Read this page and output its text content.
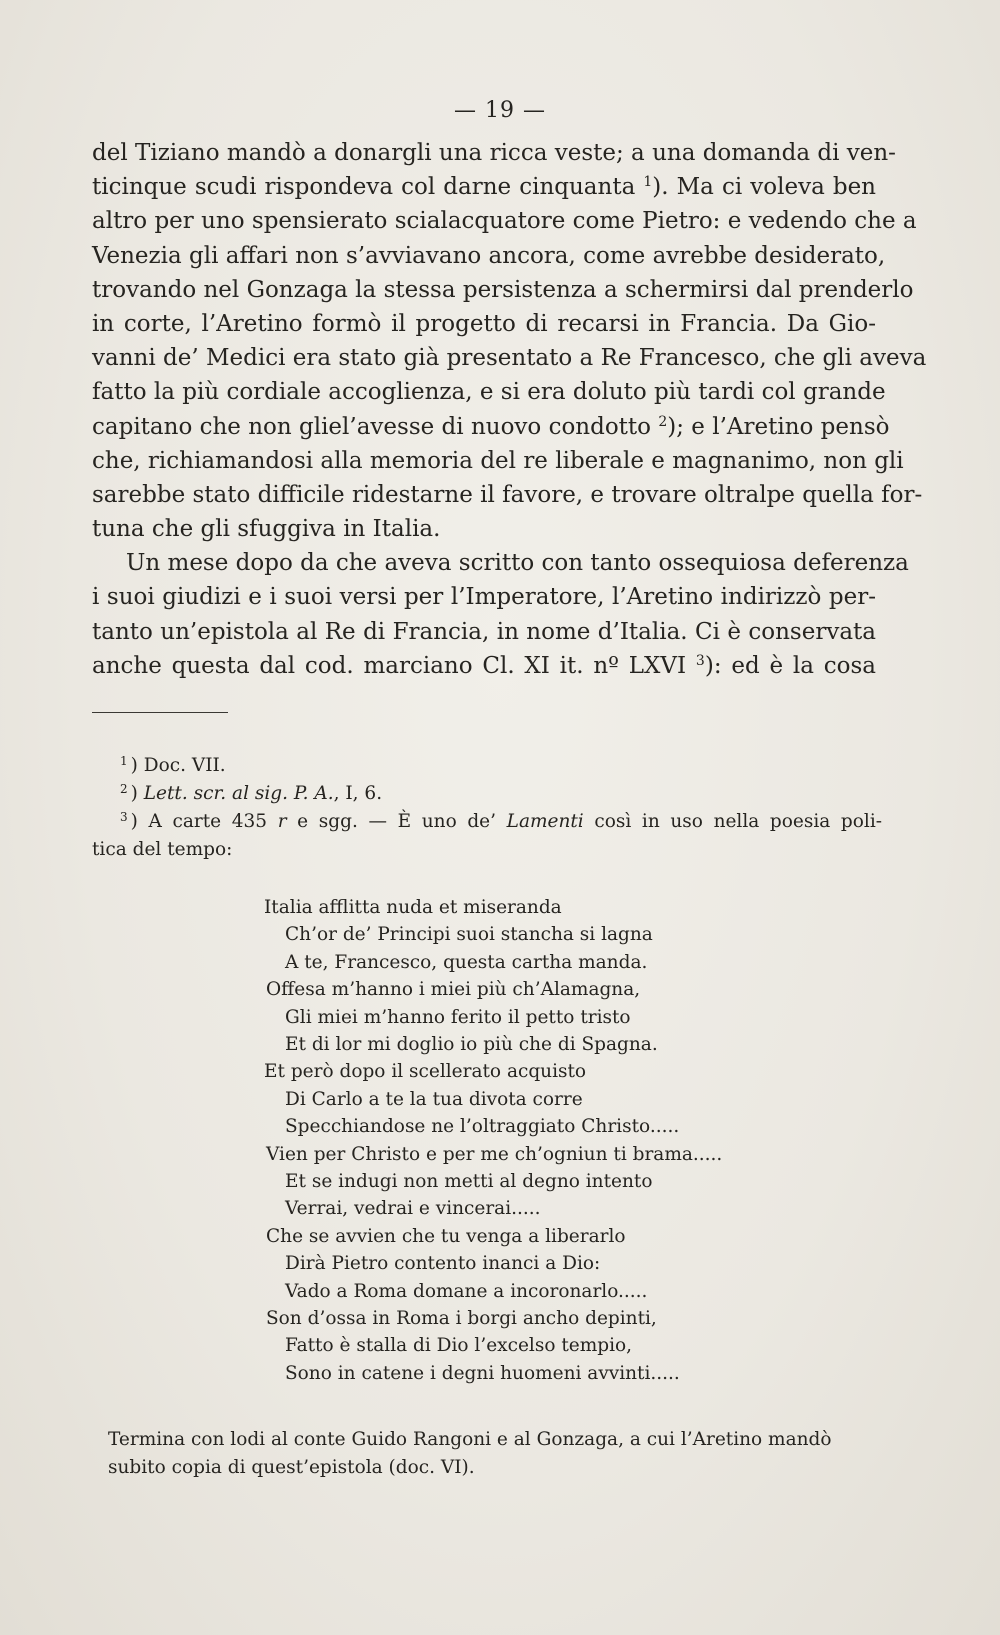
— 19 —
del Tiziano mandò a donargli una ricca veste; a una domanda di ven-
ticinque scudi rispondeva col darne cinquanta $^1$). Ma ci voleva ben
altro per uno spensierato scialacquatore come Pietro: e vedendo che a
Venezia gli affari non s’avviavano ancora, come avrebbe desiderato,
trovando nel Gonzaga la stessa persistenza a schermirsi dal prenderlo
in corte, l’Aretino formò il progetto di recarsi in Francia. Da Gio-
vanni de’ Medici era stato già presentato a Re Francesco, che gli aveva
fatto la più cordiale accoglienza, e si era doluto più tardi col grande
capitano che non gliel’avesse di nuovo condotto $^2$); e l’Aretino pensò
che, richiamandosi alla memoria del re liberale e magnanimo, non gli
sarebbe stato difficile ridestarne il favore, e trovare oltralpe quella for-
tuna che gli sfuggiva in Italia.
Un mese dopo da che aveva scritto con tanto ossequiosa deferenza
i suoi giudizi e i suoi versi per l’Imperatore, l’Aretino indirizzò per-
tanto un’epistola al Re di Francia, in nome d’Italia. Ci è conservata
anche questa dal cod. marciano Cl. XI it. nº LXVI $^3$): ed è la cosa
$^1$ ) Doc. VII.
$^2$ ) Lett. scr. al sig. P. A., I, 6.
$^3$ ) A carte 435 r e sgg. — È uno de’ Lamenti così in uso nella poesia poli-
tica del tempo:
Italia afflitta nuda et miseranda
Ch’or de’ Principi suoi stancha si lagna
A te, Francesco, questa cartha manda.
Offesa m’hanno i miei più ch’Alamagna,
Gli miei m’hanno ferito il petto tristo
Et di lor mi doglio io più che di Spagna.
Et però dopo il scellerato acquisto
Di Carlo a te la tua divota corre
Specchiandose ne l’oltraggiato Christo.....
Vien per Christo e per me ch’ogniun ti brama.....
Et se indugi non metti al degno intento
Verrai, vedrai e vincerai.....
Che se avvien che tu venga a liberarlo
Dirà Pietro contento inanci a Dio:
Vado a Roma domane a incoronarlo.....
Son d’ossa in Roma i borgi ancho depinti,
Fatto è stalla di Dio l’excelso tempio,
Sono in catene i degni huomeni avvinti.....
Termina con lodi al conte Guido Rangoni e al Gonzaga, a cui l’Aretino mandò
subito copia di quest’epistola (doc. VI).
